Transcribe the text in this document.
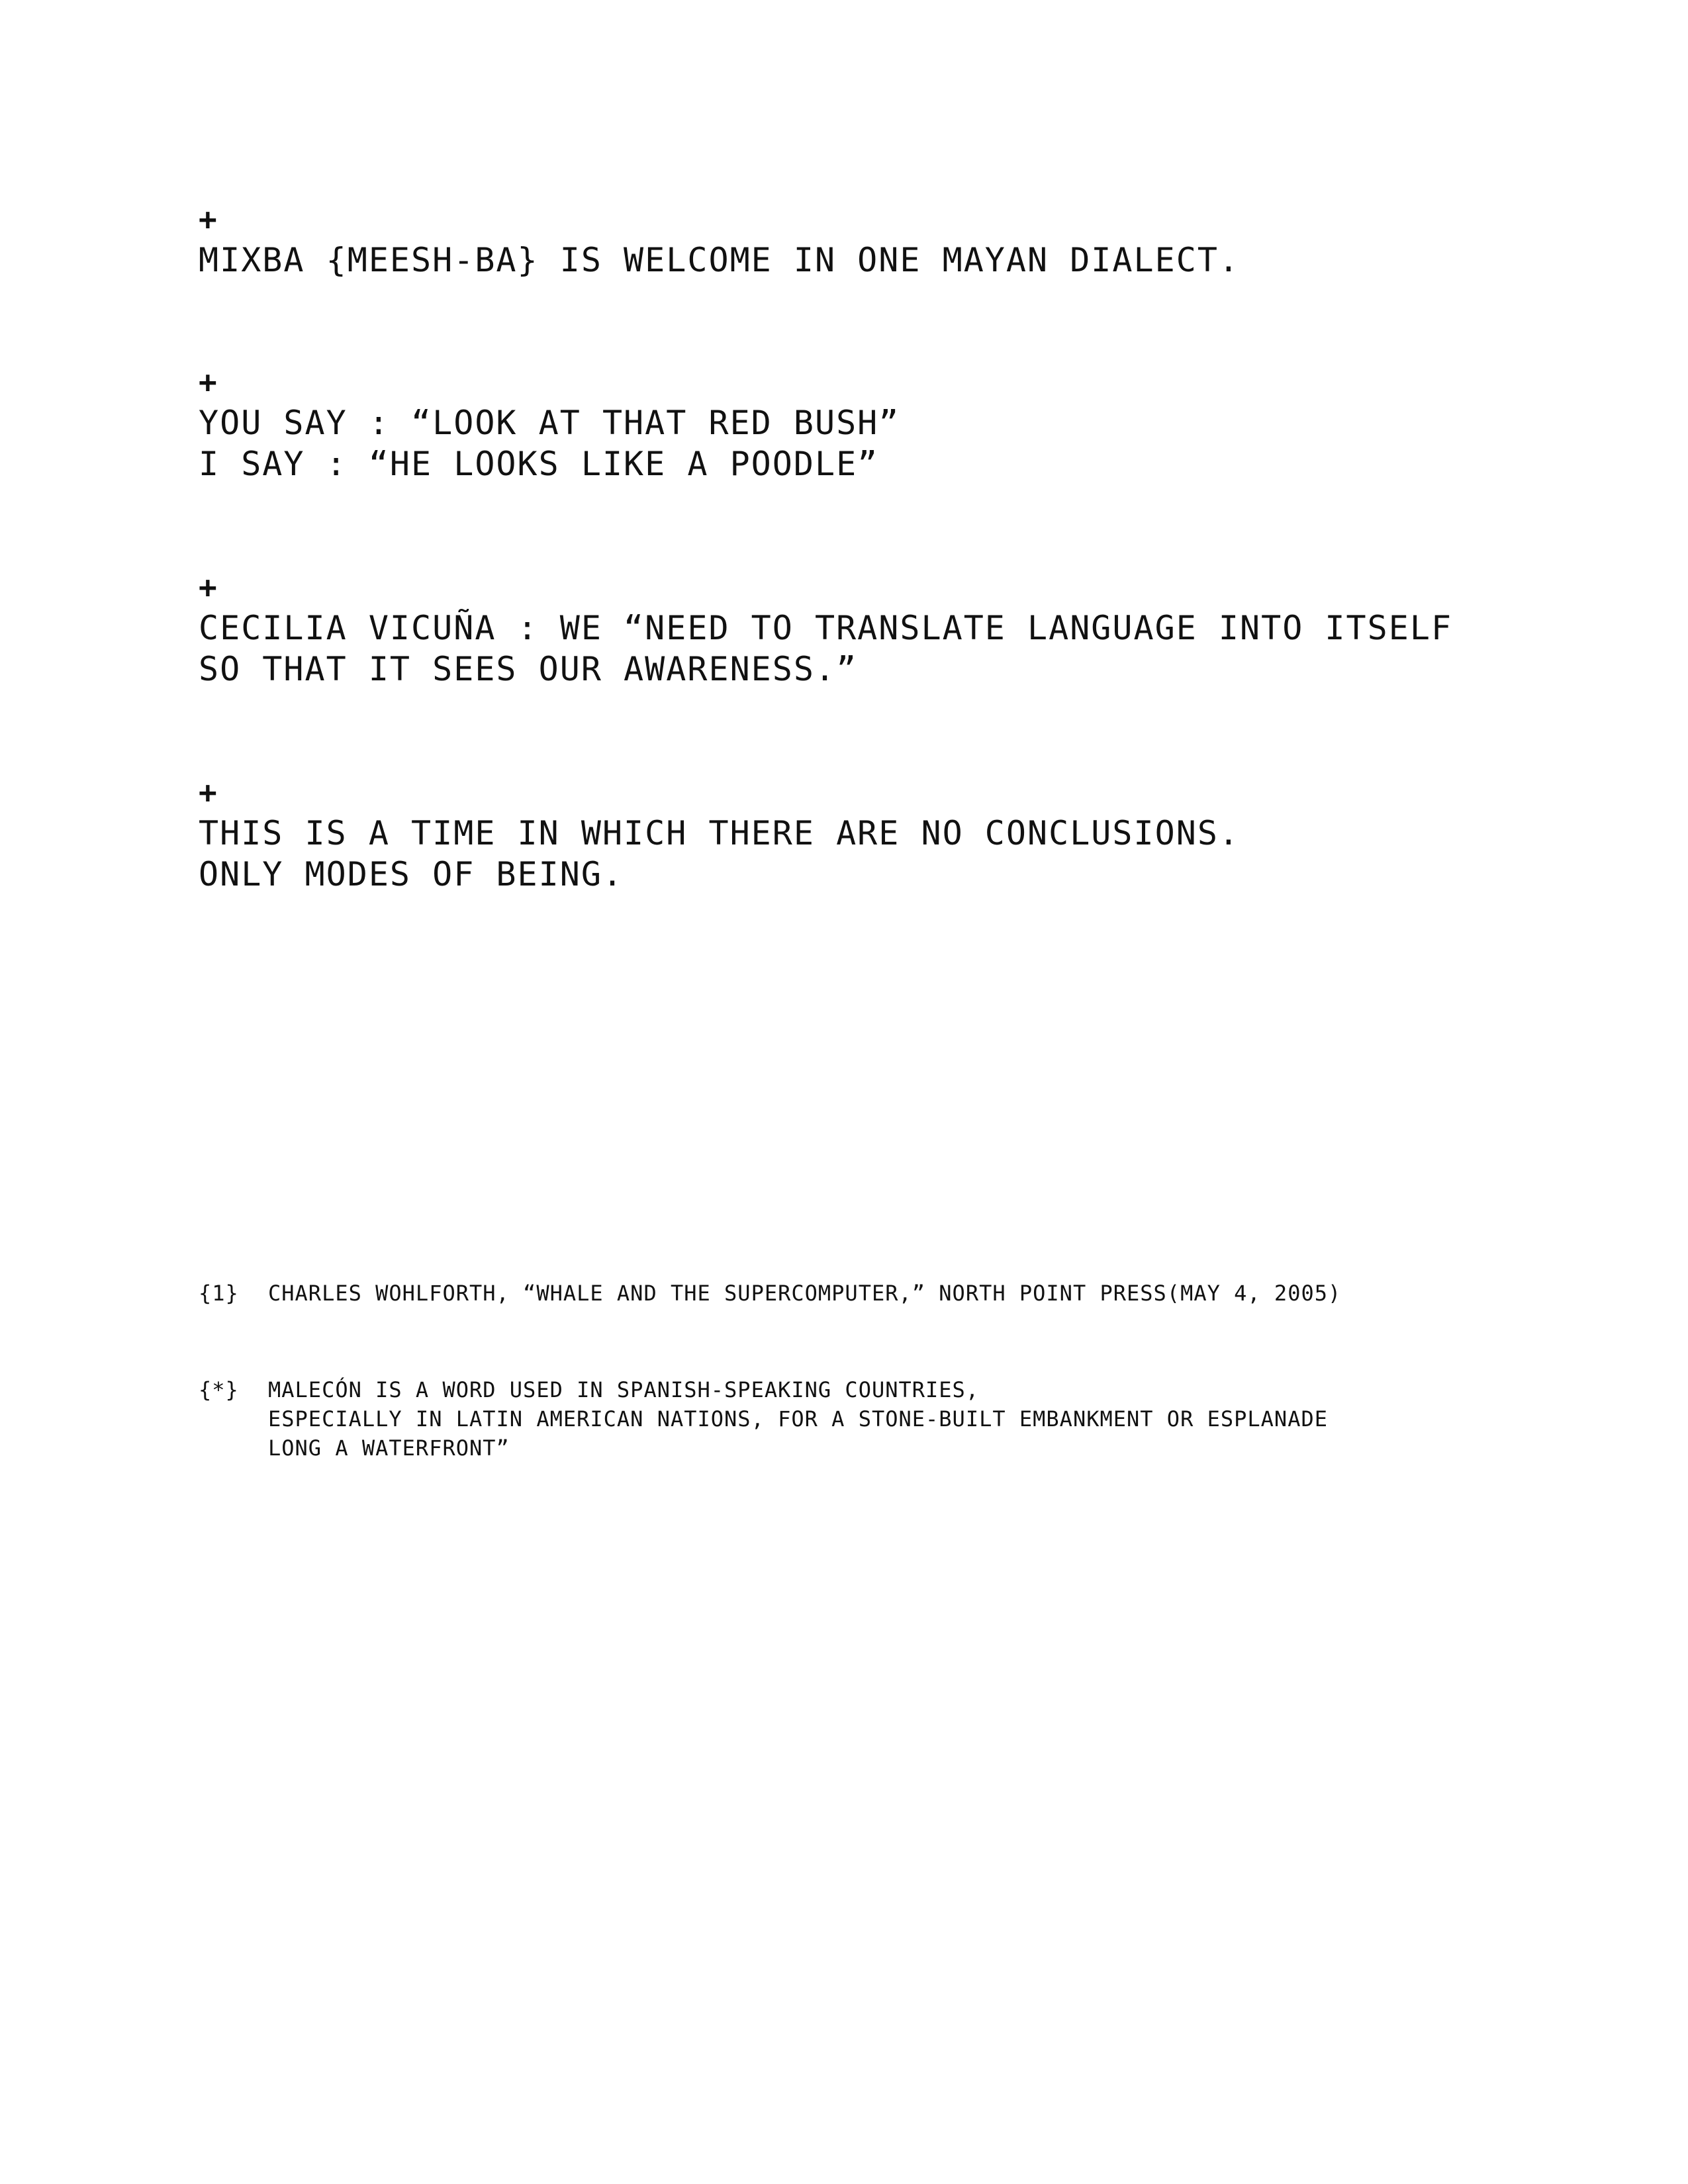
+
MIXBA {MEESH-BA} IS WELCOME IN ONE MAYAN DIALECT.
+
YOU SAY : “LOOK AT THAT RED BUSH”
I SAY : “HE LOOKS LIKE A POODLE”
+
CECILIA VICUÑA : WE “NEED TO TRANSLATE LANGUAGE INTO ITSELF
SO THAT IT SEES OUR AWARENESS.”
+
THIS IS A TIME IN WHICH THERE ARE NO CONCLUSIONS.
ONLY MODES OF BEING.
{1}	CHARLES WOHLFORTH, “WHALE AND THE SUPERCOMPUTER,” NORTH POINT PRESS(MAY 4, 2005)
{*}	MALECÓN IS A WORD USED IN SPANISH-SPEAKING COUNTRIES,
ESPECIALLY IN LATIN AMERICAN NATIONS, FOR A STONE-BUILT EMBANKMENT OR ESPLANADE
LONG A WATERFRONT”
